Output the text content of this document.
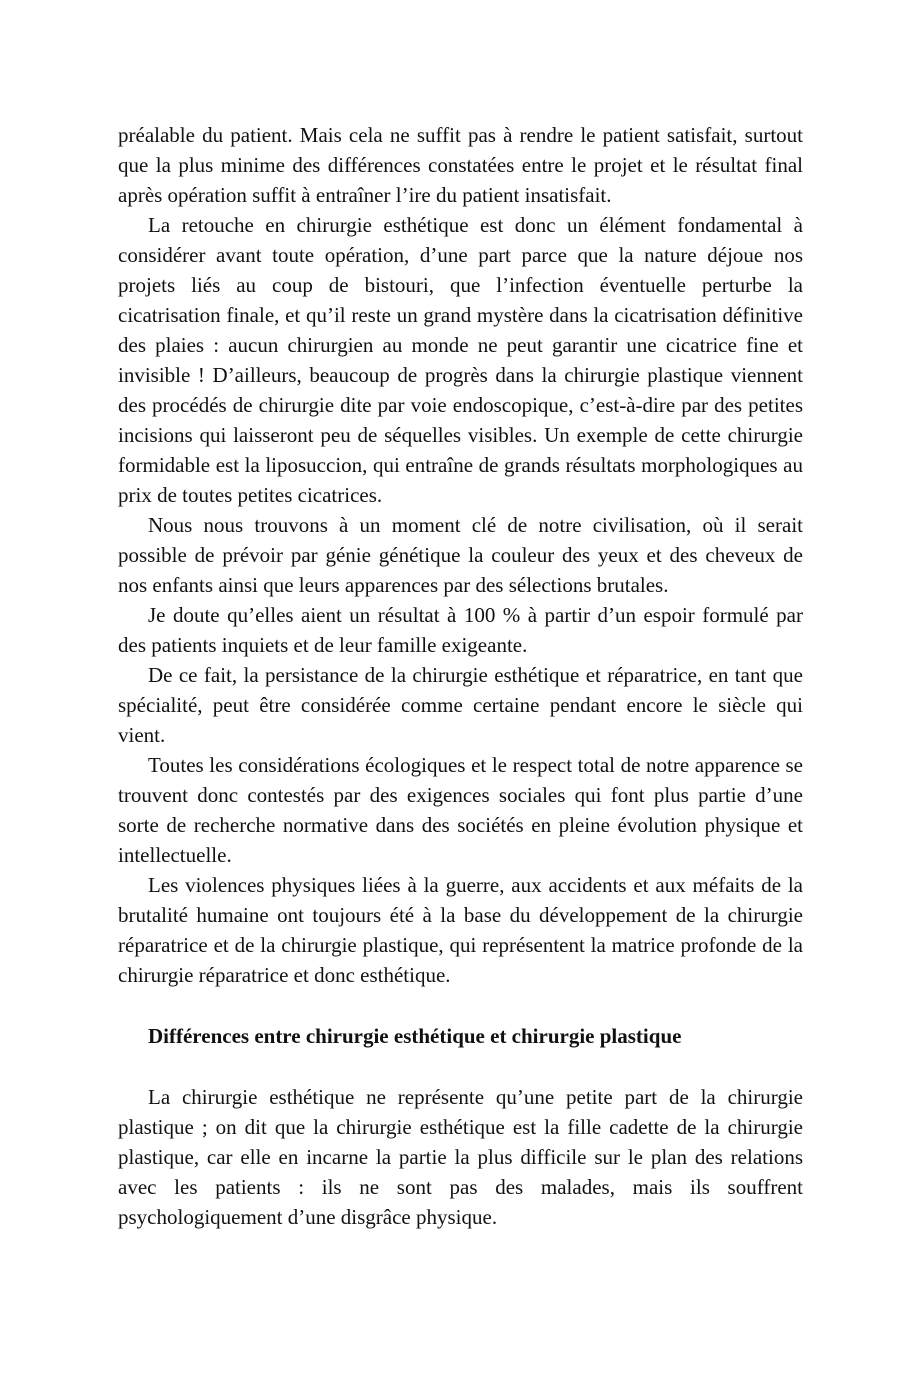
préalable du patient. Mais cela ne suffit pas à rendre le patient satisfait, surtout que la plus minime des différences constatées entre le projet et le résultat final après opération suffit à entraîner l’ire du patient insatisfait.

La retouche en chirurgie esthétique est donc un élément fondamental à considérer avant toute opération, d’une part parce que la nature déjoue nos projets liés au coup de bistouri, que l’infection éventuelle perturbe la cicatrisation finale, et qu’il reste un grand mystère dans la cicatrisation définitive des plaies : aucun chirurgien au monde ne peut garantir une cicatrice fine et invisible ! D’ailleurs, beaucoup de progrès dans la chirurgie plastique viennent des procédés de chirurgie dite par voie endoscopique, c’est-à-dire par des petites incisions qui laisseront peu de séquelles visibles. Un exemple de cette chirurgie formidable est la liposuccion, qui entraîne de grands résultats morphologiques au prix de toutes petites cicatrices.

Nous nous trouvons à un moment clé de notre civilisation, où il serait possible de prévoir par génie génétique la couleur des yeux et des cheveux de nos enfants ainsi que leurs apparences par des sélections brutales.

Je doute qu’elles aient un résultat à 100 % à partir d’un espoir formulé par des patients inquiets et de leur famille exigeante.

De ce fait, la persistance de la chirurgie esthétique et réparatrice, en tant que spécialité, peut être considérée comme certaine pendant encore le siècle qui vient.

Toutes les considérations écologiques et le respect total de notre apparence se trouvent donc contestés par des exigences sociales qui font plus partie d’une sorte de recherche normative dans des sociétés en pleine évolution physique et intellectuelle.

Les violences physiques liées à la guerre, aux accidents et aux méfaits de la brutalité humaine ont toujours été à la base du développement de la chirurgie réparatrice et de la chirurgie plastique, qui représentent la matrice profonde de la chirurgie réparatrice et donc esthétique.

Différences entre chirurgie esthétique et chirurgie plastique

La chirurgie esthétique ne représente qu’une petite part de la chirurgie plastique ; on dit que la chirurgie esthétique est la fille cadette de la chirurgie plastique, car elle en incarne la partie la plus difficile sur le plan des relations avec les patients : ils ne sont pas des malades, mais ils souffrent psychologiquement d’une disgrâce physique.
